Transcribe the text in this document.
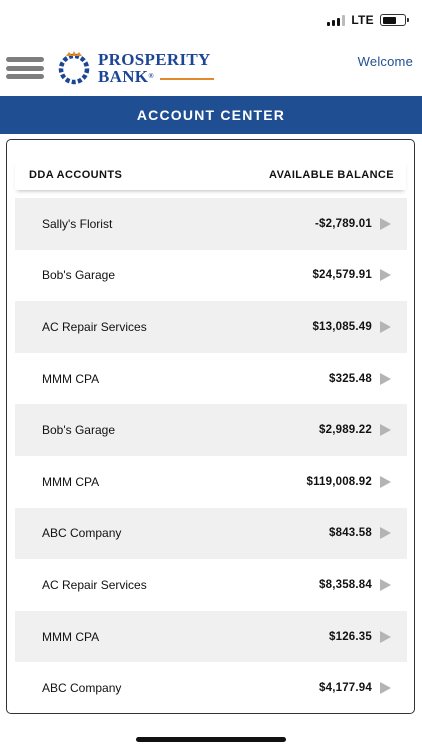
LTE
PROSPERITY
BANK ®
Welcome
ACCOUNT CENTER
DDA ACCOUNTS	AVAILABLE BALANCE
Sally's Florist	-$2,789.01
Bob's Garage	$24,579.91
AC Repair Services	$13,085.49
MMM CPA	$325.48
Bob's Garage	$2,989.22
MMM CPA	$119,008.92
ABC Company	$843.58
AC Repair Services	$8,358.84
MMM CPA	$126.35
ABC Company	$4,177.94
